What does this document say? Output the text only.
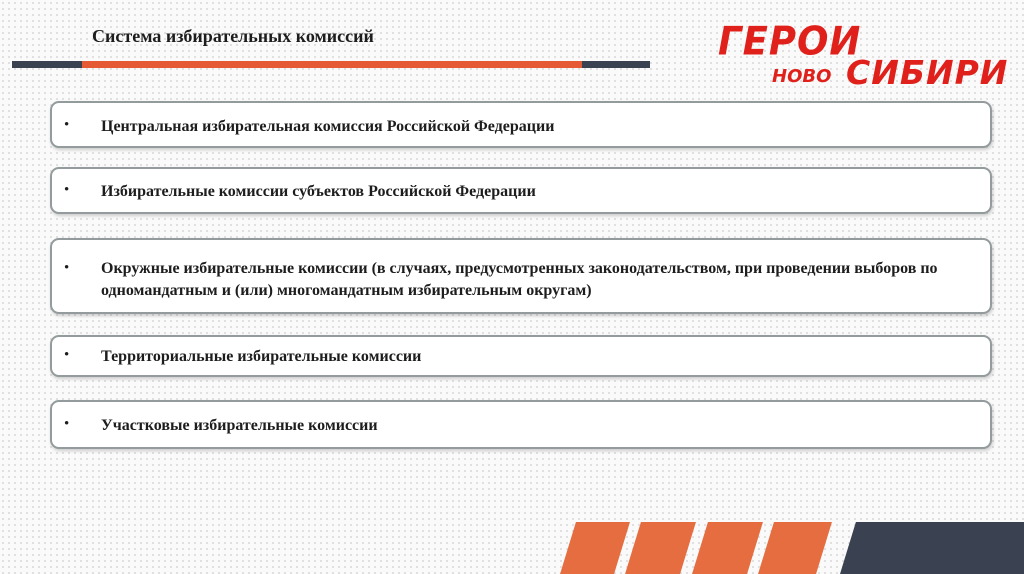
Система избирательных комиссий	ГЕРОИ
НОВО СИБИРИ
• Центральная избирательная комиссия Российской Федерации
• Избирательные комиссии субъектов Российской Федерации
• Окружные избирательные комиссии (в случаях, предусмотренных законодательством, при проведении выборов по одномандатным и (или) многомандатным избирательным округам)
• Территориальные избирательные комиссии
• Участковые избирательные комиссии
